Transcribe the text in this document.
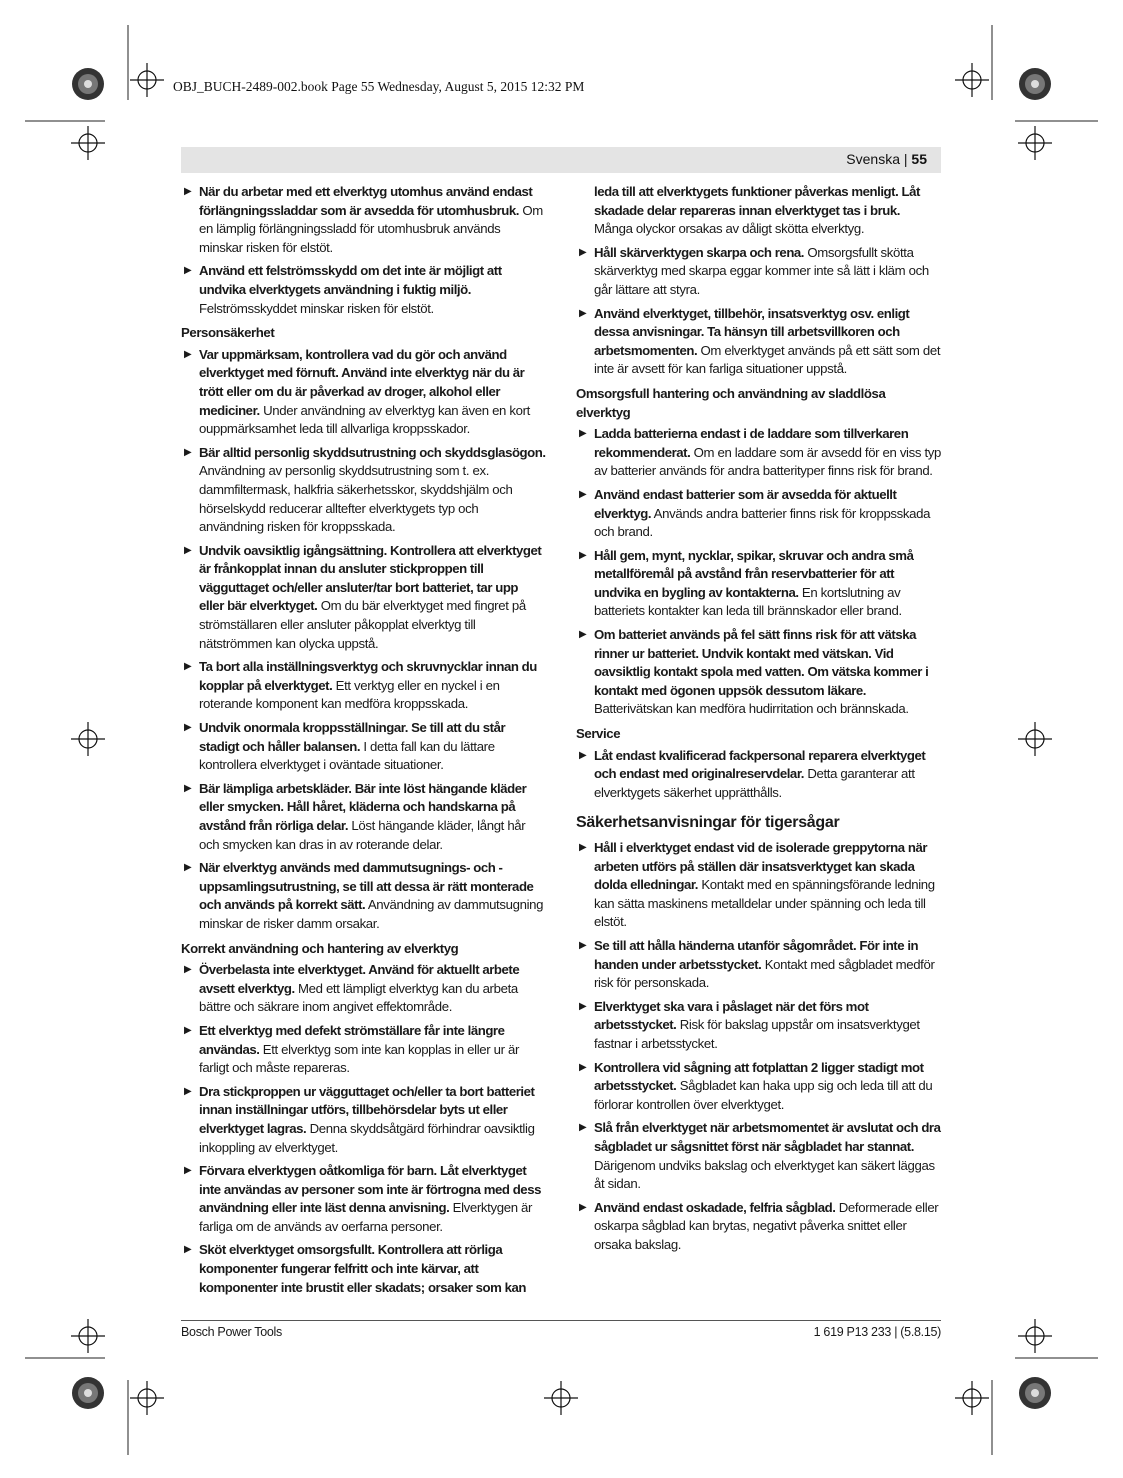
OBJ_BUCH-2489-002.book Page 55 Wednesday, August 5, 2015 12:32 PM
Svenska | 55
▶ När du arbetar med ett elverktyg utomhus använd endast förlängningssladdar som är avsedda för utomhusbruk. Om en lämplig förlängningssladd för utomhusbruk används minskar risken för elstöt.
▶ Använd ett felströmsskydd om det inte är möjligt att undvika elverktygets användning i fuktig miljö. Felströmsskyddet minskar risken för elstöt.
Personsäkerhet
▶ Var uppmärksam, kontrollera vad du gör och använd elverktyget med förnuft. Använd inte elverktyg när du är trött eller om du är påverkad av droger, alkohol eller mediciner. Under användning av elverktyg kan även en kort ouppmärksamhet leda till allvarliga kroppsskador.
▶ Bär alltid personlig skyddsutrustning och skyddsglasögon. Användning av personlig skyddsutrustning som t. ex. dammfiltermask, halkfria säkerhetsskor, skyddshjälm och hörselskydd reducerar alltefter elverktygets typ och användning risken för kroppsskada.
▶ Undvik oavsiktlig igångsättning. Kontrollera att elverktyget är frånkopplat innan du ansluter stickproppen till vägguttaget och/eller ansluter/tar bort batteriet, tar upp eller bär elverktyget. Om du bär elverktyget med fingret på strömställaren eller ansluter påkopplat elverktyg till nätströmmen kan olycka uppstå.
▶ Ta bort alla inställningsverktyg och skruvnycklar innan du kopplar på elverktyget. Ett verktyg eller en nyckel i en roterande komponent kan medföra kroppsskada.
▶ Undvik onormala kroppsställningar. Se till att du står stadigt och håller balansen. I detta fall kan du lättare kontrollera elverktyget i oväntade situationer.
▶ Bär lämpliga arbetskläder. Bär inte löst hängande kläder eller smycken. Håll håret, kläderna och handskarna på avstånd från rörliga delar. Löst hängande kläder, långt hår och smycken kan dras in av roterande delar.
▶ När elverktyg används med dammutsugnings- och -uppsamlingsutrustning, se till att dessa är rätt monterade och används på korrekt sätt. Användning av dammutsugning minskar de risker damm orsakar.
Korrekt användning och hantering av elverktyg
▶ Överbelasta inte elverktyget. Använd för aktuellt arbete avsett elverktyg. Med ett lämpligt elverktyg kan du arbeta bättre och säkrare inom angivet effektområde.
▶ Ett elverktyg med defekt strömställare får inte längre användas. Ett elverktyg som inte kan kopplas in eller ur är farligt och måste repareras.
▶ Dra stickproppen ur vägguttaget och/eller ta bort batteriet innan inställningar utförs, tillbehörsdelar byts ut eller elverktyget lagras. Denna skyddsåtgärd förhindrar oavsiktlig inkoppling av elverktyget.
▶ Förvara elverktygen oåtkomliga för barn. Låt elverktyget inte användas av personer som inte är förtrogna med dess användning eller inte läst denna anvisning. Elverktygen är farliga om de används av oerfarna personer.
▶ Sköt elverktyget omsorgsfullt. Kontrollera att rörliga komponenter fungerar felfritt och inte kärvar, att komponenter inte brustit eller skadats; orsaker som kan
leda till att elverktygets funktioner påverkas menligt. Låt skadade delar repareras innan elverktyget tas i bruk. Många olyckor orsakas av dåligt skötta elverktyg.
▶ Håll skärverktygen skarpa och rena. Omsorgsfullt skötta skärverktyg med skarpa eggar kommer inte så lätt i kläm och går lättare att styra.
▶ Använd elverktyget, tillbehör, insatsverktyg osv. enligt dessa anvisningar. Ta hänsyn till arbetsvillkoren och arbetsmomenten. Om elverktyget används på ett sätt som det inte är avsett för kan farliga situationer uppstå.
Omsorgsfull hantering och användning av sladdlösa elverktyg
▶ Ladda batterierna endast i de laddare som tillverkaren rekommenderat. Om en laddare som är avsedd för en viss typ av batterier används för andra batterityper finns risk för brand.
▶ Använd endast batterier som är avsedda för aktuellt elverktyg. Används andra batterier finns risk för kroppsskada och brand.
▶ Håll gem, mynt, nycklar, spikar, skruvar och andra små metallföremål på avstånd från reservbatterier för att undvika en bygling av kontakterna. En kortslutning av batteriets kontakter kan leda till brännskador eller brand.
▶ Om batteriet används på fel sätt finns risk för att vätska rinner ur batteriet. Undvik kontakt med vätskan. Vid oavsiktlig kontakt spola med vatten. Om vätska kommer i kontakt med ögonen uppsök dessutom läkare. Batterivätskan kan medföra hudirritation och brännskada.
Service
▶ Låt endast kvalificerad fackpersonal reparera elverktyget och endast med originalreservdelar. Detta garanterar att elverktygets säkerhet upprätthålls.
Säkerhetsanvisningar för tigersågar
▶ Håll i elverktyget endast vid de isolerade greppytorna när arbeten utförs på ställen där insatsverktyget kan skada dolda elledningar. Kontakt med en spänningsförande ledning kan sätta maskinens metalldelar under spänning och leda till elstöt.
▶ Se till att hålla händerna utanför sågområdet. För inte in handen under arbetsstycket. Kontakt med sågbladet medför risk för personskada.
▶ Elverktyget ska vara i påslaget när det förs mot arbetsstycket. Risk för bakslag uppstår om insatsverktyget fastnar i arbetsstycket.
▶ Kontrollera vid sågning att fotplattan 2 ligger stadigt mot arbetsstycket. Sågbladet kan haka upp sig och leda till att du förlorar kontrollen över elverktyget.
▶ Slå från elverktyget när arbetsmomentet är avslutat och dra sågbladet ur sågsnittet först när sågbladet har stannat. Därigenom undviks bakslag och elverktyget kan säkert läggas åt sidan.
▶ Använd endast oskadade, felfria sågblad. Deformerade eller oskarpa sågblad kan brytas, negativt påverka snittet eller orsaka bakslag.
Bosch Power Tools	1 619 P13 233 | (5.8.15)
